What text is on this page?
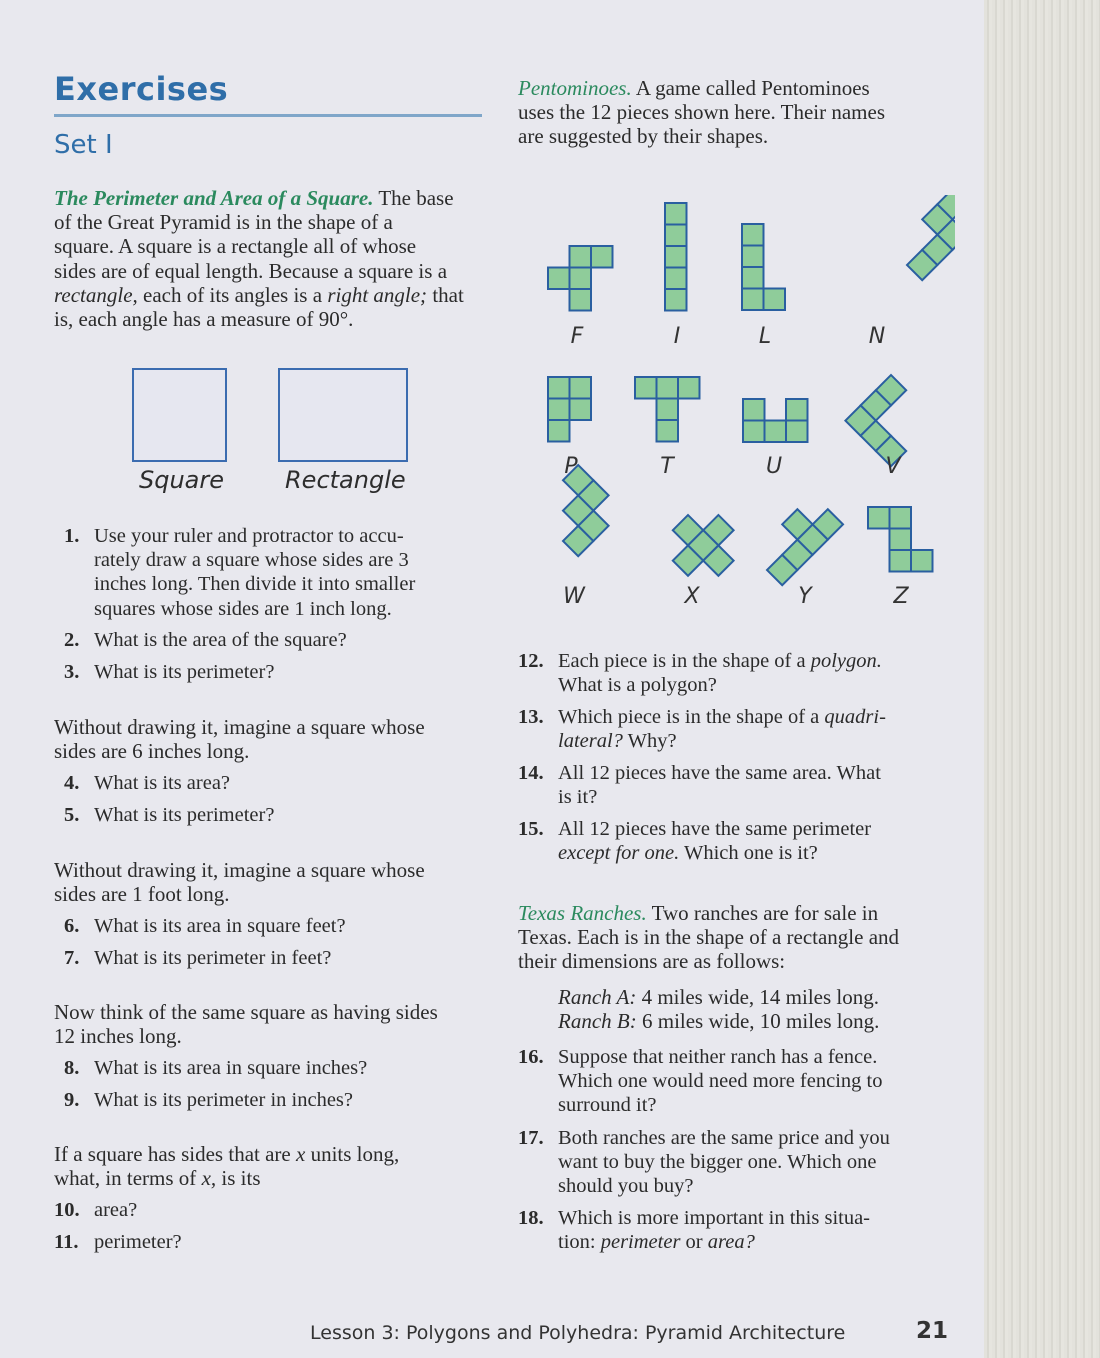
Exercises
Set I
The Perimeter and Area of a Square. The base
of the Great Pyramid is in the shape of a
square. A square is a rectangle all of whose
sides are of equal length. Because a square is a
rectangle, each of its angles is a right angle; that
is, each angle has a measure of 90°.
Square	Rectangle
1. Use your ruler and protractor to accu-
rately draw a square whose sides are 3
inches long. Then divide it into smaller
squares whose sides are 1 inch long.
2. What is the area of the square?
3. What is its perimeter?
Without drawing it, imagine a square whose
sides are 6 inches long.
4. What is its area?
5. What is its perimeter?
Without drawing it, imagine a square whose
sides are 1 foot long.
6. What is its area in square feet?
7. What is its perimeter in feet?
Now think of the same square as having sides
12 inches long.
8. What is its area in square inches?
9. What is its perimeter in inches?
If a square has sides that are x units long,
what, in terms of x, is its
10. area?
11. perimeter?
Pentominoes. A game called Pentominoes
uses the 12 pieces shown here. Their names
are suggested by their shapes.
F	I	L	N
P	T	U	V
W	X	Y	Z
12. Each piece is in the shape of a polygon.
What is a polygon?
13. Which piece is in the shape of a quadri-
lateral? Why?
14. All 12 pieces have the same area. What
is it?
15. All 12 pieces have the same perimeter
except for one. Which one is it?
Texas Ranches. Two ranches are for sale in
Texas. Each is in the shape of a rectangle and
their dimensions are as follows:
Ranch A: 4 miles wide, 14 miles long.
Ranch B: 6 miles wide, 10 miles long.
16. Suppose that neither ranch has a fence.
Which one would need more fencing to
surround it?
17. Both ranches are the same price and you
want to buy the bigger one. Which one
should you buy?
18. Which is more important in this situa-
tion: perimeter or area?
Lesson 3: Polygons and Polyhedra: Pyramid Architecture	21
